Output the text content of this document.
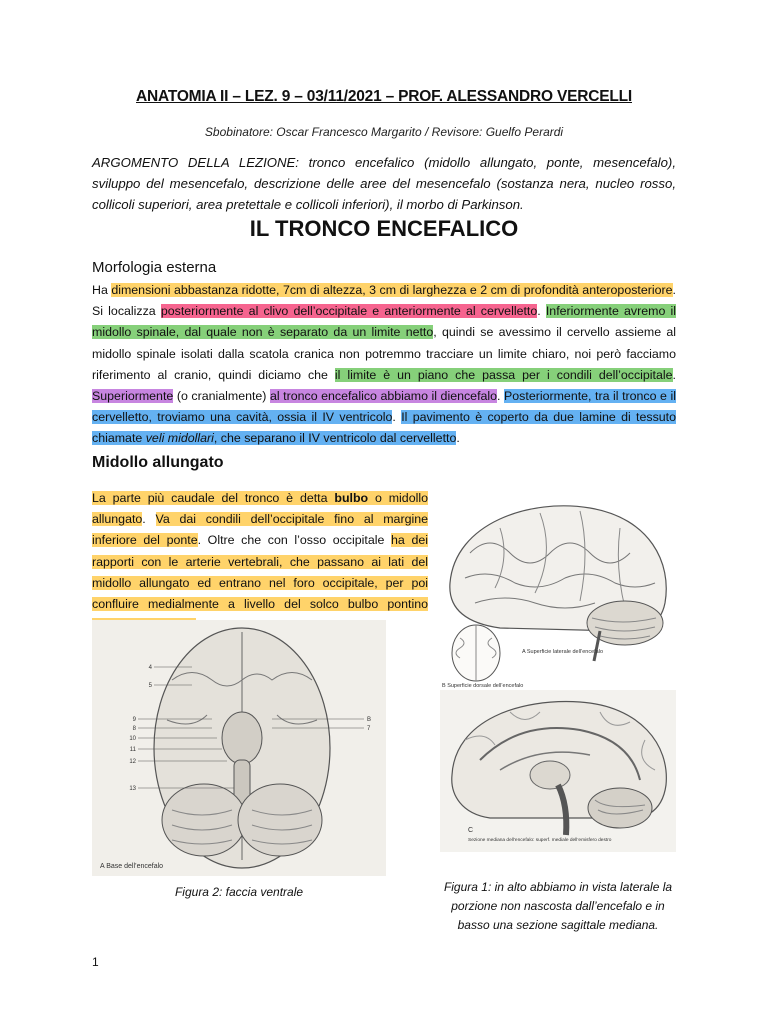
ANATOMIA II – LEZ. 9 – 03/11/2021 – PROF. ALESSANDRO VERCELLI
Sbobinatore: Oscar Francesco Margarito / Revisore: Guelfo Perardi
ARGOMENTO DELLA LEZIONE: tronco encefalico (midollo allungato, ponte, mesencefalo), sviluppo del mesencefalo, descrizione delle aree del mesencefalo (sostanza nera, nucleo rosso, collicoli superiori, area pretettale e collicoli inferiori), il morbo di Parkinson.
IL TRONCO ENCEFALICO
Morfologia esterna
Ha dimensioni abbastanza ridotte, 7cm di altezza, 3 cm di larghezza e 2 cm di profondità anteroposteriore. Si localizza posteriormente al clivo dell’occipitale e anteriormente al cervelletto. Inferiormente avremo il midollo spinale, dal quale non è separato da un limite netto, quindi se avessimo il cervello assieme al midollo spinale isolati dalla scatola cranica non potremmo tracciare un limite chiaro, noi però facciamo riferimento al cranio, quindi diciamo che il limite è un piano che passa per i condili dell’occipitale. Superiormente (o cranialmente) al tronco encefalico abbiamo il diencefalo. Posteriormente, tra il tronco e il cervelletto, troviamo una cavità, ossia il IV ventricolo. Il pavimento è coperto da due lamine di tessuto chiamate veli midollari, che separano il IV ventricolo dal cervelletto.
Midollo allungato
La parte più caudale del tronco è detta bulbo o midollo allungato. Va dai condili dell’occipitale fino al margine inferiore del ponte. Oltre che con l’osso occipitale ha dei rapporti con le arterie vertebrali, che passano ai lati del midollo allungato ed entrano nel foro occipitale, per poi confluire medialmente a livello del solco bulbo pontino
4
5
9
8
10
11
12
13
B
7
A Base dell’encefalo
Figura 2: faccia ventrale
A Superficie laterale dell’encefalo
B Superficie dorsale dell’encefalo
C
Sezione mediana dell’encefalo: superf. mediale dell’emisfero destro
Figura 1: in alto abbiamo in vista laterale la porzione non nascosta dall’encefalo e in basso una sezione sagittale mediana.
1
